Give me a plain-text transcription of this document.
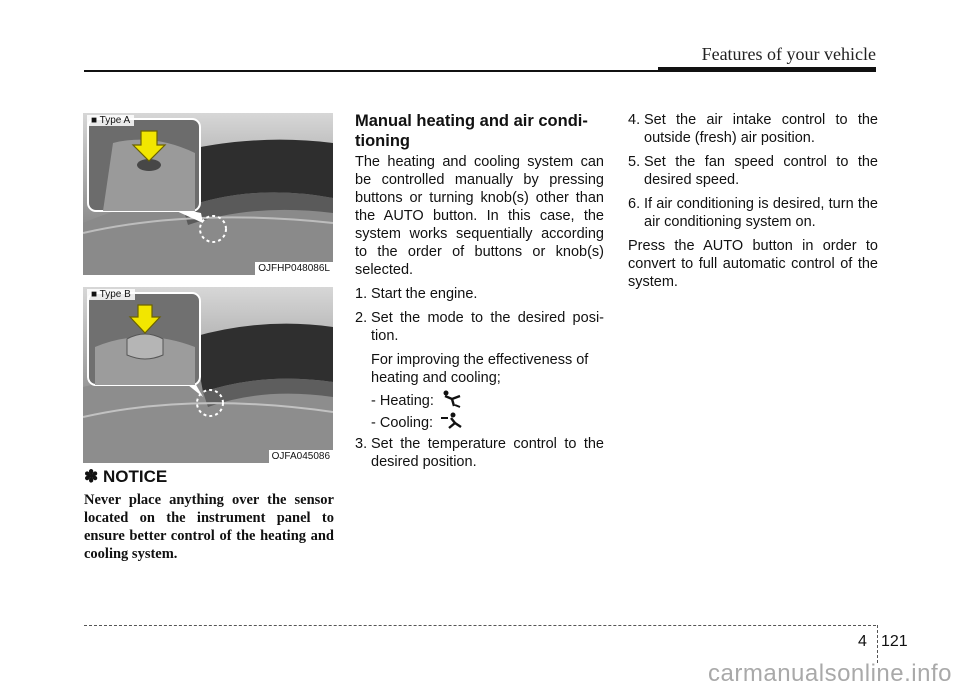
Features of your vehicle
■ Type A
OJFHP048086L
■ Type B
OJFA045086
✽ NOTICE
Never place anything over the sensor located on the instrument panel to ensure better control of the heating and cooling system.
Manual heating and air condi-tioning

The heating and cooling system can be controlled manually by pressing buttons or turning knob(s) other than the AUTO button. In this case, the system works sequentially according to the order of buttons or knob(s) selected.

1. Start the engine.
2. Set the mode to the desired posi-tion.
For improving the effectiveness of heating and cooling;
- Heating:
- Cooling:
3. Set the temperature control to the desired position.
4. Set the air intake control to the outside (fresh) air position.
5. Set the fan speed control to the desired speed.
6. If air conditioning is desired, turn the air conditioning system on.

Press the AUTO button in order to convert to full automatic control of the system.

4 121
carmanualsonline.info
